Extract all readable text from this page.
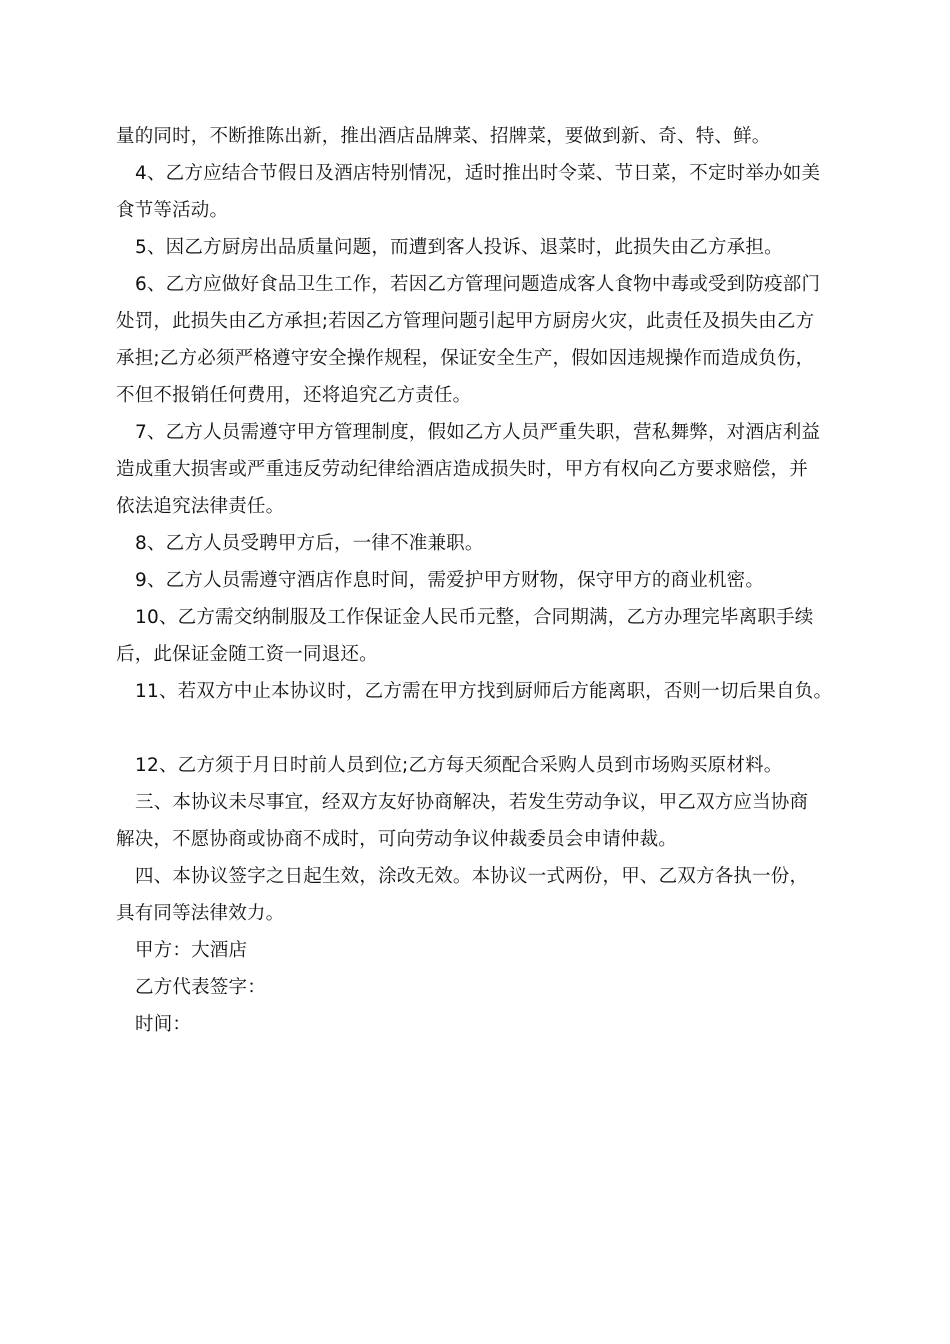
量的同时，不断推陈出新，推出酒店品牌菜、招牌菜，要做到新、奇、特、鲜。
4、乙方应结合节假日及酒店特别情况，适时推出时令菜、节日菜，不定时举办如美
食节等活动。
5、因乙方厨房出品质量问题，而遭到客人投诉、退菜时，此损失由乙方承担。
6、乙方应做好食品卫生工作，若因乙方管理问题造成客人食物中毒或受到防疫部门
处罚，此损失由乙方承担;若因乙方管理问题引起甲方厨房火灾，此责任及损失由乙方
承担;乙方必须严格遵守安全操作规程，保证安全生产，假如因违规操作而造成负伤，
不但不报销任何费用，还将追究乙方责任。
7、乙方人员需遵守甲方管理制度，假如乙方人员严重失职，营私舞弊，对酒店利益
造成重大损害或严重违反劳动纪律给酒店造成损失时，甲方有权向乙方要求赔偿，并
依法追究法律责任。
8、乙方人员受聘甲方后，一律不准兼职。
9、乙方人员需遵守酒店作息时间，需爱护甲方财物，保守甲方的商业机密。
10、乙方需交纳制服及工作保证金人民币元整，合同期满，乙方办理完毕离职手续
后，此保证金随工资一同退还。
11、若双方中止本协议时，乙方需在甲方找到厨师后方能离职，否则一切后果自负。
12、乙方须于月日时前人员到位;乙方每天须配合采购人员到市场购买原材料。
三、本协议未尽事宜，经双方友好协商解决，若发生劳动争议，甲乙双方应当协商
解决，不愿协商或协商不成时，可向劳动争议仲裁委员会申请仲裁。
四、本协议签字之日起生效，涂改无效。本协议一式两份，甲、乙双方各执一份，
具有同等法律效力。
甲方：大酒店
乙方代表签字：
时间：
